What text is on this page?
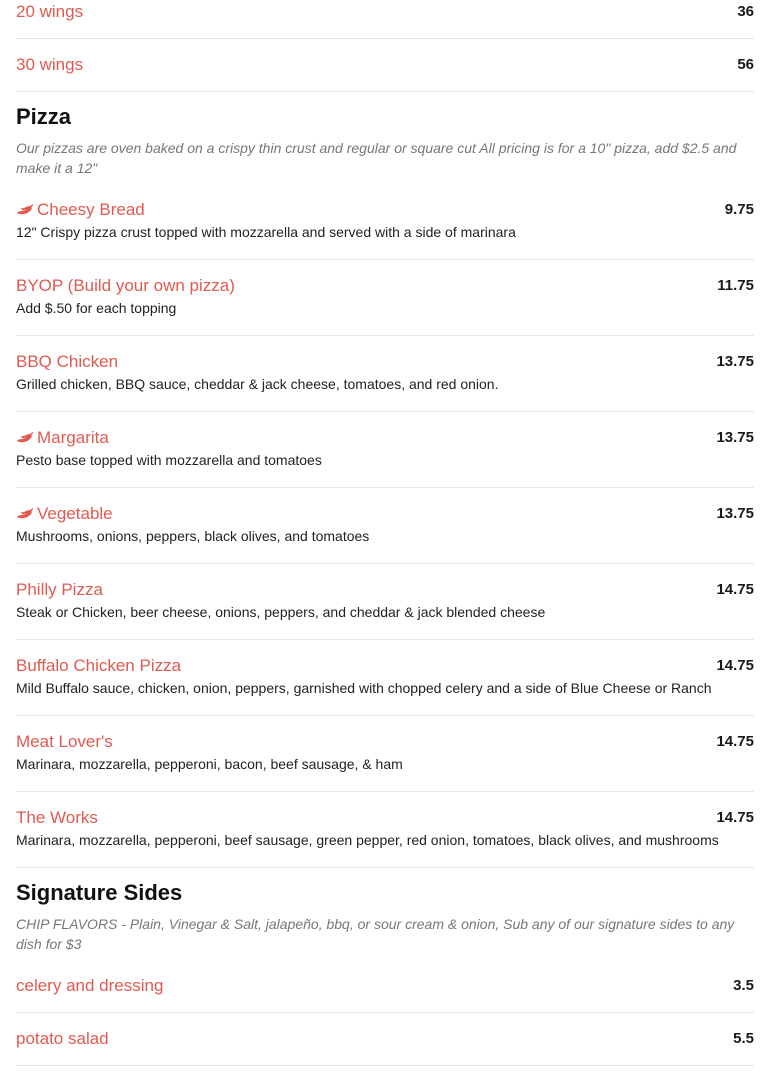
20 wings	36
30 wings	56
Pizza
Our pizzas are oven baked on a crispy thin crust and regular or square cut All pricing is for a 10" pizza, add $2.5 and make it a 12"
Cheesy Bread	9.75
12" Crispy pizza crust topped with mozzarella and served with a side of marinara
BYOP (Build your own pizza)	11.75
Add $.50 for each topping
BBQ Chicken	13.75
Grilled chicken, BBQ sauce, cheddar & jack cheese, tomatoes, and red onion.
Margarita	13.75
Pesto base topped with mozzarella and tomatoes
Vegetable	13.75
Mushrooms, onions, peppers, black olives, and tomatoes
Philly Pizza	14.75
Steak or Chicken, beer cheese, onions, peppers, and cheddar & jack blended cheese
Buffalo Chicken Pizza	14.75
Mild Buffalo sauce, chicken, onion, peppers, garnished with chopped celery and a side of Blue Cheese or Ranch
Meat Lover's	14.75
Marinara, mozzarella, pepperoni, bacon, beef sausage, & ham
The Works	14.75
Marinara, mozzarella, pepperoni, beef sausage, green pepper, red onion, tomatoes, black olives, and mushrooms
Signature Sides
CHIP FLAVORS - Plain, Vinegar & Salt, jalapeño, bbq, or sour cream & onion, Sub any of our signature sides to any dish for $3
celery and dressing	3.5
potato salad	5.5
